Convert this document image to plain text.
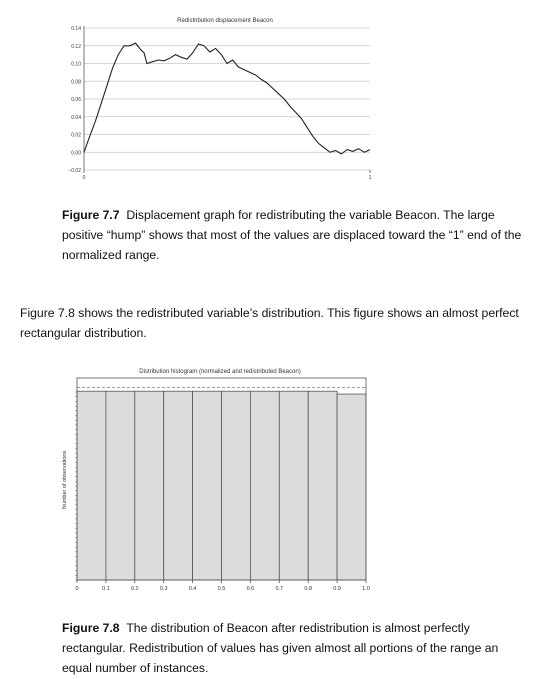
Redistribution displacement Beacon
0.14
0.12
0.10
0.08
0.06
0.04
0.02
0.00
−0.02
0	1
Figure 7.7 Displacement graph for redistributing the variable Beacon. The large positive “hump” shows that most of the values are displaced toward the “1” end of the normalized range.
Figure 7.8 shows the redistributed variable’s distribution. This figure shows an almost perfect rectangular distribution.
Distribution histogram (normalized and redistributed Beacon)
Number of observations
0	0.1	0.2	0.3	0.4	0.5	0.6	0.7	0.8	0.9	1.0
Figure 7.8 The distribution of Beacon after redistribution is almost perfectly rectangular. Redistribution of values has given almost all portions of the range an equal number of instances.
